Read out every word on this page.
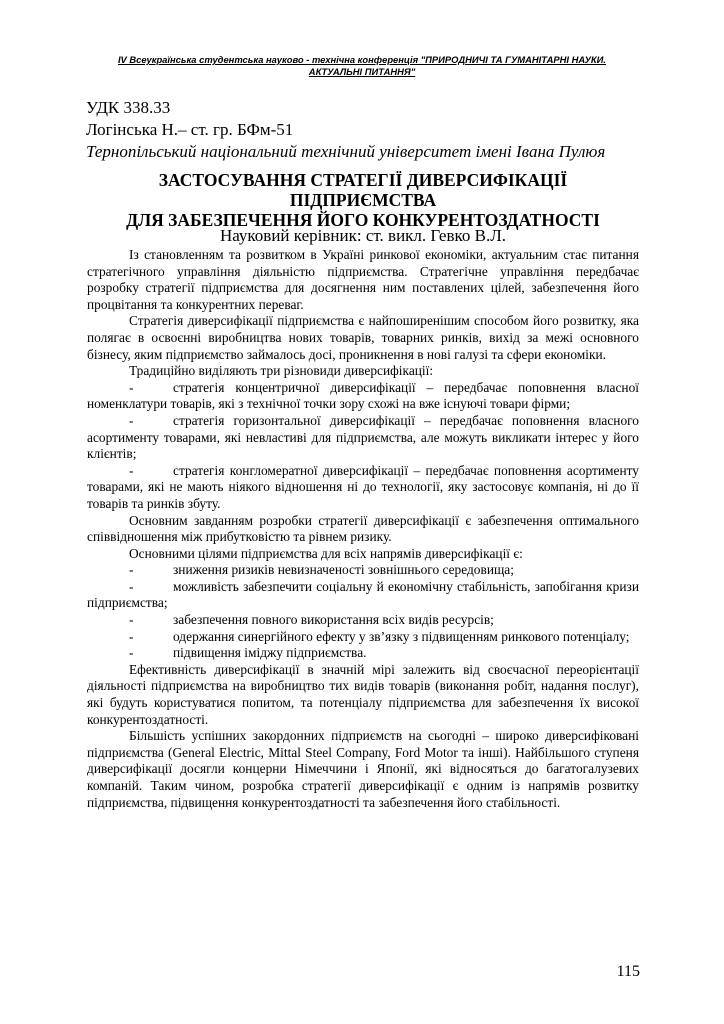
IV Всеукраїнська студентська науково - технічна конференція "ПРИРОДНИЧІ ТА ГУМАНІТАРНІ НАУКИ. АКТУАЛЬНІ ПИТАННЯ"
УДК 338.33
Логінська Н.– ст. гр. БФм-51
Тернопільський національний технічний університет імені Івана Пулюя
ЗАСТОСУВАННЯ СТРАТЕГІЇ ДИВЕРСИФІКАЦІЇ ПІДПРИЄМСТВА
ДЛЯ ЗАБЕЗПЕЧЕННЯ ЙОГО КОНКУРЕНТОЗДАТНОСТІ
Науковий керівник: ст. викл. Гевко В.Л.

Із становленням та розвитком в Україні ринкової економіки, актуальним стає питання стратегічного управління діяльністю підприємства. Стратегічне управління передбачає розробку стратегії підприємства для досягнення ним поставлених цілей, забезпечення його процвітання та конкурентних переваг.

Стратегія диверсифікації підприємства є найпоширенішим способом його розвитку, яка полягає в освоєнні виробництва нових товарів, товарних ринків, вихід за межі основного бізнесу, яким підприємство займалось досі, проникнення в нові галузі та сфери економіки.

Традиційно виділяють три різновиди диверсифікації:

-	стратегія концентричної диверсифікації – передбачає поповнення власної номенклатури товарів, які з технічної точки зору схожі на вже існуючі товари фірми;

-	стратегія горизонтальної диверсифікації – передбачає поповнення власного асортименту товарами, які невластиві для підприємства, але можуть викликати інтерес у його клієнтів;

-	стратегія конгломератної диверсифікації – передбачає поповнення асортименту товарами, які не мають ніякого відношення ні до технології, яку застосовує компанія, ні до її товарів та ринків збуту.

Основним завданням розробки стратегії диверсифікації є забезпечення оптимального співвідношення між прибутковістю та рівнем ризику.

Основними цілями підприємства для всіх напрямів диверсифікації є:

-	зниження ризиків невизначеності зовнішнього середовища;

-	можливість забезпечити соціальну й економічну стабільність, запобігання кризи підприємства;

-	забезпечення повного використання всіх видів ресурсів;

-	одержання синергійного ефекту у зв’язку з підвищенням ринкового потенціалу;

-	підвищення іміджу підприємства.

Ефективність диверсифікації в значній мірі залежить від своєчасної переорієнтації діяльності підприємства на виробництво тих видів товарів (виконання робіт, надання послуг), які будуть користуватися попитом, та потенціалу підприємства для забезпечення їх високої конкурентоздатності.

Більшість успішних закордонних підприємств на сьогодні – широко диверсифіковані підприємства (General Electric, Mittal Steel Company, Ford Motor та інші). Найбільшого ступеня диверсифікації досягли концерни Німеччини і Японії, які відносяться до багатогалузевих компаній. Таким чином, розробка стратегії диверсифікації є одним із напрямів розвитку підприємства, підвищення конкурентоздатності та забезпечення його стабільності.

115
